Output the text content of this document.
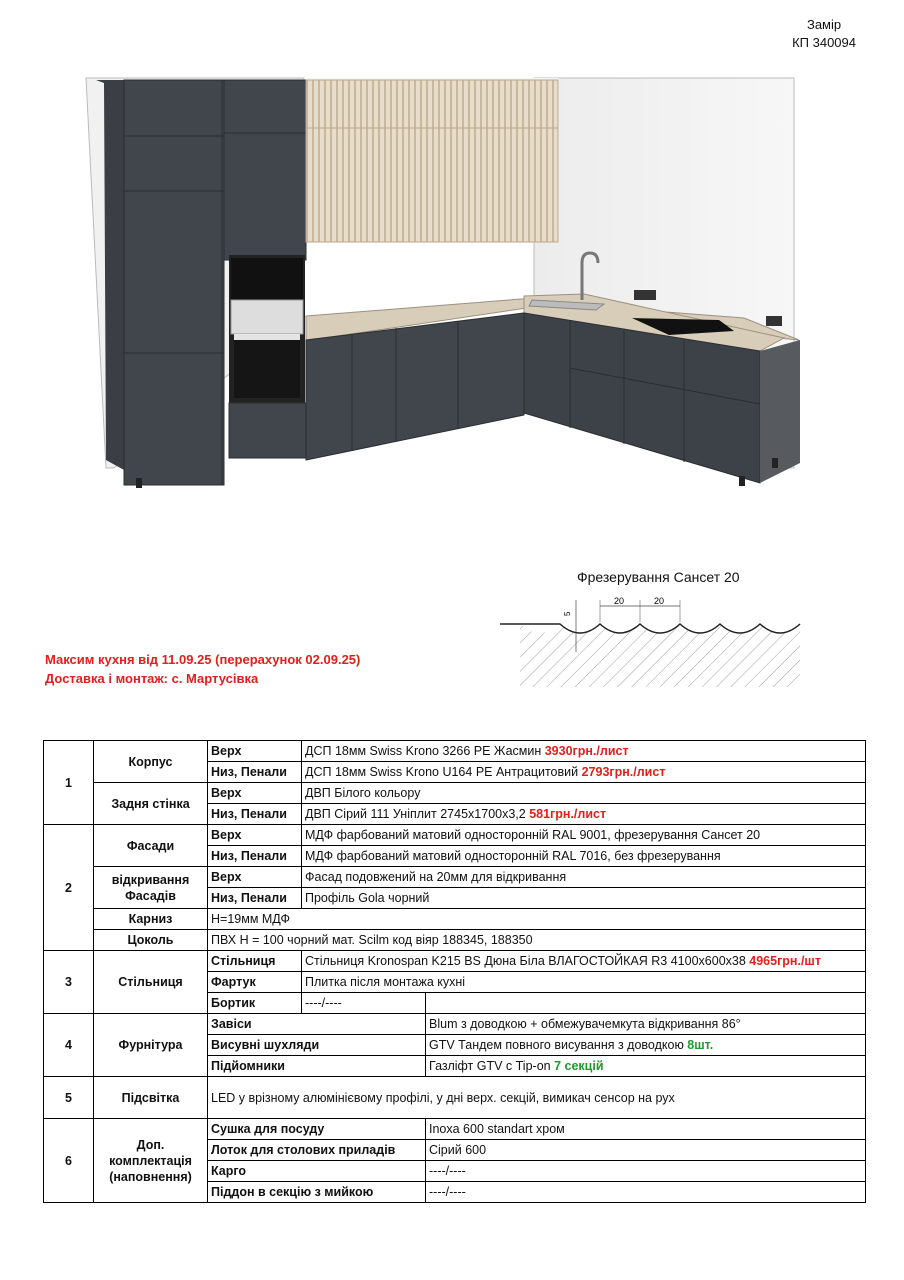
Замір
КП 340094
Фрезерування Сансет 20
5
20	20
Максим кухня від 11.09.25 (перерахунок 02.09.25)
Доставка і монтаж: с. Мартусівка
1	Корпус	Верх	ДСП 18мм Swiss Krono 3266 PE Жасмин 3930грн./лист	
		Низ, Пенали	ДСП 18мм Swiss Krono U164 PE Антрацитовий 2793грн./лист	
	Задня стінка	Верх	ДВП Білого кольору	
		Низ, Пенали	ДВП Сірий 111 Уніплит 2745х1700х3,2 581грн./лист	
2	Фасади	Верх	МДФ фарбований матовий односторонній RAL 9001, фрезерування Сансет 20	
		Низ, Пенали	МДФ фарбований матовий односторонній RAL 7016, без фрезерування	
	відкривання Фасадів	Верх	Фасад подовжений на 20мм для відкривання	
		Низ, Пенали	Профіль Gola чорний	
	Карниз	Н=19мм МДФ		
	Цоколь	ПВХ Н = 100 чорний мат. Scilm код віяр 188345, 188350		
3	Стільниця	Стільниця	Стільниця Kronospan K215 BS Дюна Біла ВЛАГОСТОЙКАЯ R3 4100x600x38 4965грн./шт	
		Фартук	Плитка після монтажа кухні	
		Бортик	----/----	
4	Фурнітура	Завіси		Blum з доводкою + обмежувачемкута відкривання 86°
		Висувні шухляди		GTV Тандем повного висування з доводкою 8шт.
		Підйомники		Газліфт GTV с Tip-on 7 секцій
5	Підсвітка	LED у врізному алюмінієвому профілі, у дні верх. секцій, вимикач сенсор на рух		
6	Доп. комплектація (наповнення)	Сушка для посуду		Inoxa 600 standart хром
		Лоток для столових приладів		Сірий 600
		Карго		----/----
		Піддон в секцію з мийкою		----/----
